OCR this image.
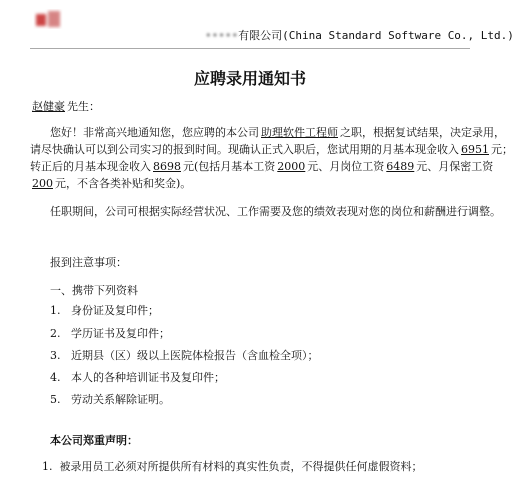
•••••有限公司(China Standard Software Co., Ltd.)
应聘录用通知书
赵健豪 先生：
您好！非常高兴地通知您，您应聘的本公司 助理软件工程师 之职，根据复试结果，决定录用，
请尽快确认可以到公司实习的报到时间。现确认正式入职后，您试用期的月基本现金收入 6951 元；
转正后的月基本现金收入 8698 元(包括月基本工资 2000 元、月岗位工资 6489 元、月保密工资
200 元，不含各类补贴和奖金)。
任职期间，公司可根据实际经营状况、工作需要及您的绩效表现对您的岗位和薪酬进行调整。
报到注意事项：
一、携带下列资料
1. 身份证及复印件；
2. 学历证书及复印件；
3. 近期县（区）级以上医院体检报告（含血检全项）；
4. 本人的各种培训证书及复印件；
5. 劳动关系解除证明。
本公司郑重声明：
1. 被录用员工必须对所提供所有材料的真实性负责，不得提供任何虚假资料；
